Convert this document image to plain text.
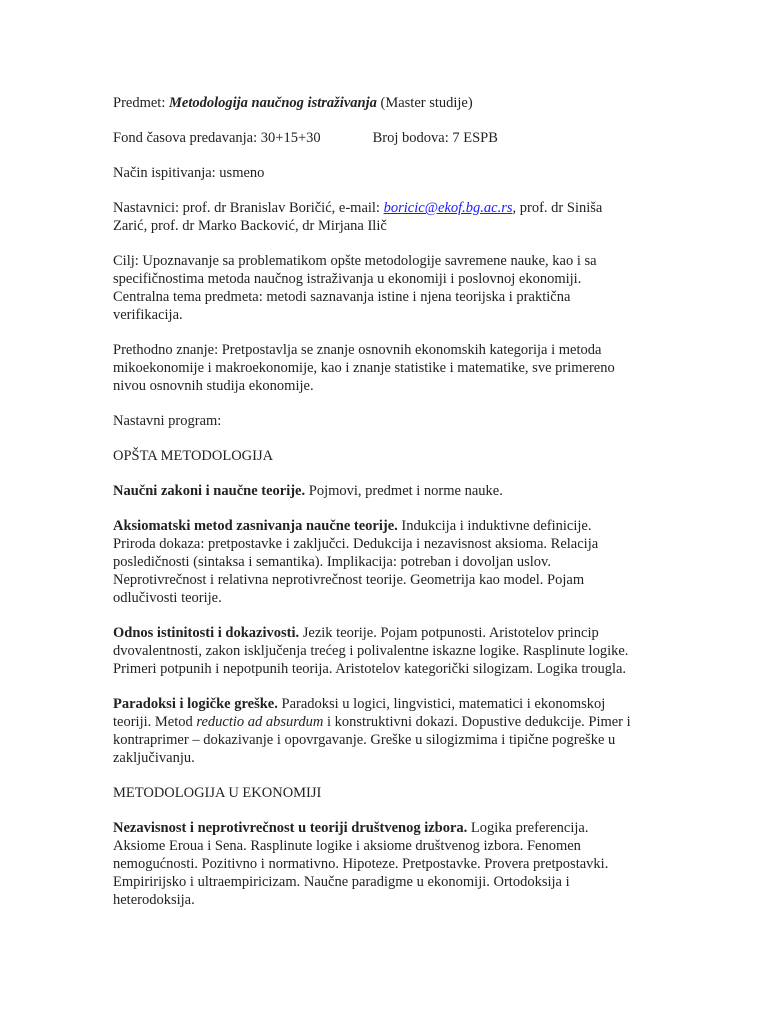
Predmet: Metodologija naučnog istraživanja (Master studije)
Fond časova predavanja: 30+15+30	Broj bodova: 7 ESPB
Način ispitivanja: usmeno
Nastavnici: prof. dr Branislav Boričić, e-mail: boricic@ekof.bg.ac.rs, prof. dr Siniša
Zarić, prof. dr Marko Backović, dr Mirjana Ilič
Cilj: Upoznavanje sa problematikom opšte metodologije savremene nauke, kao i sa
specifičnostima metoda naučnog istraživanja u ekonomiji i poslovnoj ekonomiji.
Centralna tema predmeta: metodi saznavanja istine i njena teorijska i praktična
verifikacija.
Prethodno znanje: Pretpostavlja se znanje osnovnih ekonomskih kategorija i metoda
mikoekonomije i makroekonomije, kao i znanje statistike i matematike, sve primereno
nivou osnovnih studija ekonomije.
Nastavni program:
OPŠTA METODOLOGIJA
Naučni zakoni i naučne teorije. Pojmovi, predmet i norme nauke.
Aksiomatski metod zasnivanja naučne teorije. Indukcija i induktivne definicije.
Priroda dokaza: pretpostavke i zaključci. Dedukcija i nezavisnost aksioma. Relacija
posledičnosti (sintaksa i semantika). Implikacija: potreban i dovoljan uslov.
Neprotivrečnost i relativna neprotivrečnost teorije. Geometrija kao model. Pojam
odlučivosti teorije.
Odnos istinitosti i dokazivosti. Jezik teorije. Pojam potpunosti. Aristotelov princip
dvovalentnosti, zakon isključenja trećeg i polivalentne iskazne logike. Rasplinute logike.
Primeri potpunih i nepotpunih teorija. Aristotelov kategorički silogizam. Logika trougla.
Paradoksi i logičke greške. Paradoksi u logici, lingvistici, matematici i ekonomskoj
teoriji. Metod reductio ad absurdum i konstruktivni dokazi. Dopustive dedukcije. Pimer i
kontraprimer – dokazivanje i opovrgavanje. Greške u silogizmima i tipične pogreške u
zaključivanju.
METODOLOGIJA U EKONOMIJI
Nezavisnost i neprotivrečnost u teoriji društvenog izbora. Logika preferencija.
Aksiome Eroua i Sena. Rasplinute logike i aksiome društvenog izbora. Fenomen
nemogućnosti. Pozitivno i normativno. Hipoteze. Pretpostavke. Provera pretpostavki.
Empiririjsko i ultraempiricizam. Naučne paradigme u ekonomiji. Ortodoksija i
heterodoksija.
